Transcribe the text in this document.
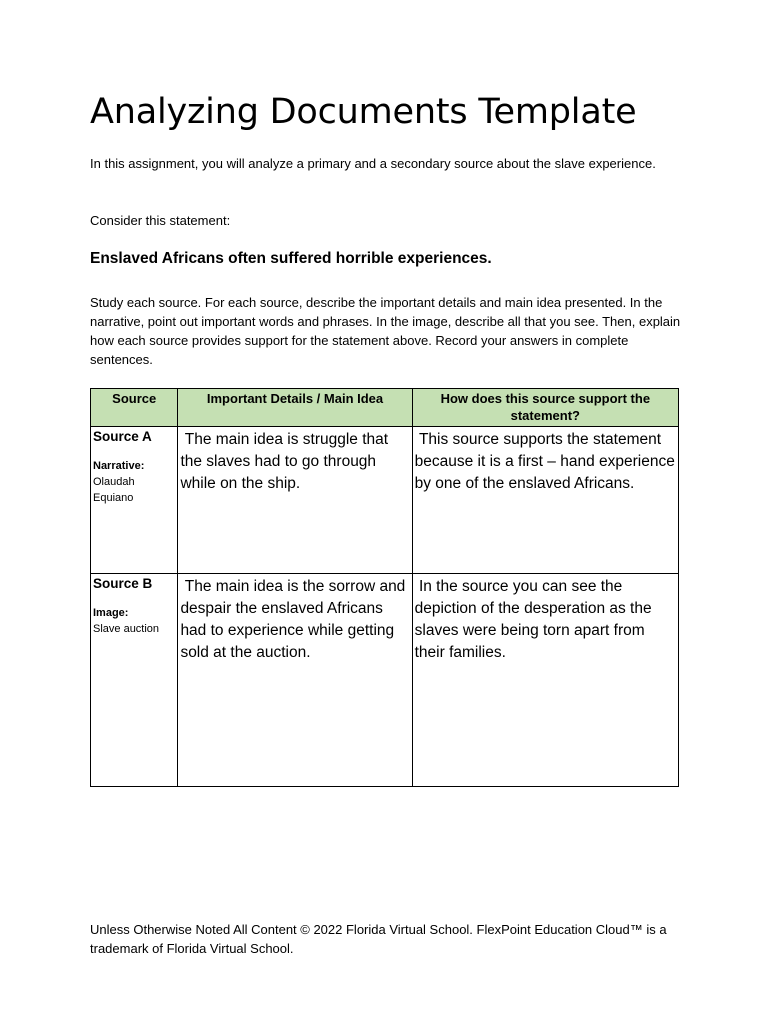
Analyzing Documents Template

In this assignment, you will analyze a primary and a secondary source about the slave experience.

Consider this statement:

Enslaved Africans often suffered horrible experiences.

Study each source. For each source, describe the important details and main idea presented. In the narrative, point out important words and phrases. In the image, describe all that you see. Then, explain how each source provides support for the statement above. Record your answers in complete sentences.

Source	Important Details / Main Idea	How does this source support the statement?

Source A
Narrative:
Olaudah Equiano	The main idea is struggle that the slaves had to go through while on the ship.	This source supports the statement because it is a first – hand experience by one of the enslaved Africans.

Source B
Image:
Slave auction	The main idea is the sorrow and despair the enslaved Africans had to experience while getting sold at the auction.	In the source you can see the depiction of the desperation as the slaves were being torn apart from their families.

Unless Otherwise Noted All Content © 2022 Florida Virtual School. FlexPoint Education Cloud™ is a trademark of Florida Virtual School.
